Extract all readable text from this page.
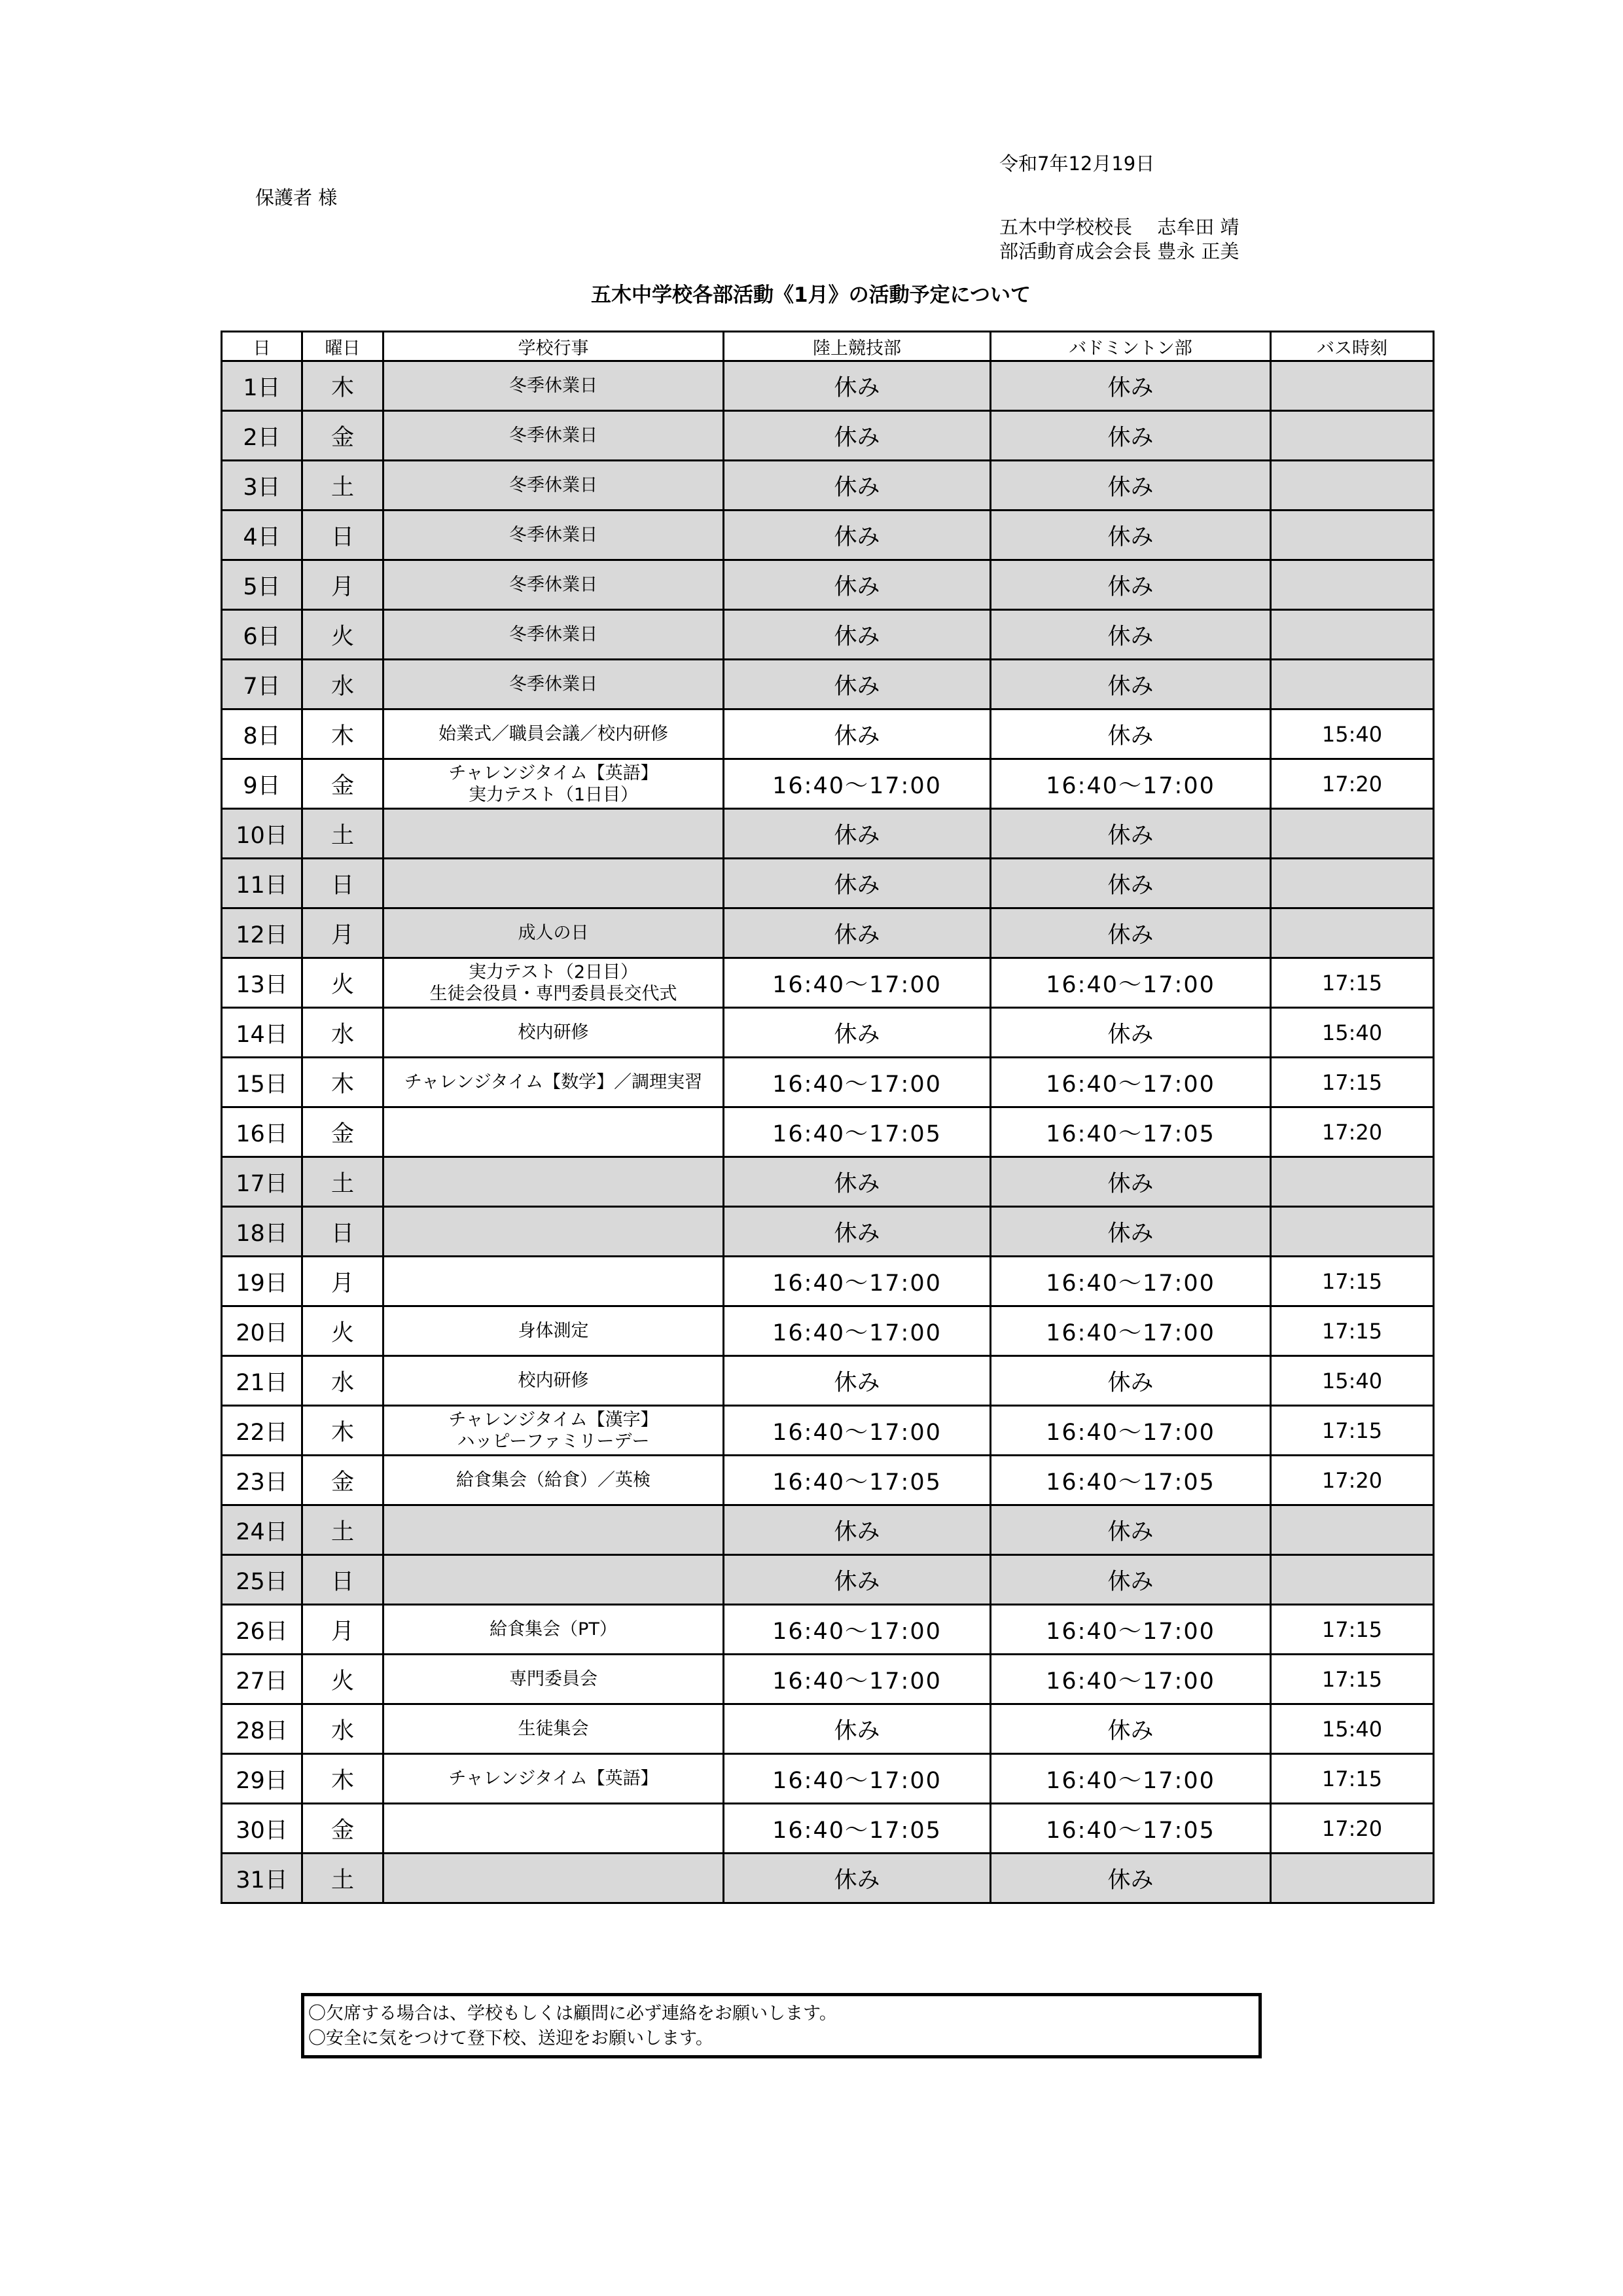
令和7年12月19日
保護者 様
五木中学校校長　 志牟田 靖
部活動育成会会長 豊永 正美
五木中学校各部活動《1月》の活動予定について
日	曜日	学校行事	陸上競技部	バドミントン部	バス時刻
1日	木	冬季休業日	休み	休み	
2日	金	冬季休業日	休み	休み	
3日	土	冬季休業日	休み	休み	
4日	日	冬季休業日	休み	休み	
5日	月	冬季休業日	休み	休み	
6日	火	冬季休業日	休み	休み	
7日	水	冬季休業日	休み	休み	
8日	木	始業式／職員会議／校内研修	休み	休み	15:40
9日	金	チャレンジタイム【英語】
実力テスト（1日目）	16:40〜17:00	16:40〜17:00	17:20
10日	土		休み	休み	
11日	日		休み	休み	
12日	月	成人の日	休み	休み	
13日	火	実力テスト（2日目）
生徒会役員・専門委員長交代式	16:40〜17:00	16:40〜17:00	17:15
14日	水	校内研修	休み	休み	15:40
15日	木	チャレンジタイム【数学】／調理実習	16:40〜17:00	16:40〜17:00	17:15
16日	金		16:40〜17:05	16:40〜17:05	17:20
17日	土		休み	休み	
18日	日		休み	休み	
19日	月		16:40〜17:00	16:40〜17:00	17:15
20日	火	身体測定	16:40〜17:00	16:40〜17:00	17:15
21日	水	校内研修	休み	休み	15:40
22日	木	チャレンジタイム【漢字】
ハッピーファミリーデー	16:40〜17:00	16:40〜17:00	17:15
23日	金	給食集会（給食）／英検	16:40〜17:05	16:40〜17:05	17:20
24日	土		休み	休み	
25日	日		休み	休み	
26日	月	給食集会（PT）	16:40〜17:00	16:40〜17:00	17:15
27日	火	専門委員会	16:40〜17:00	16:40〜17:00	17:15
28日	水	生徒集会	休み	休み	15:40
29日	木	チャレンジタイム【英語】	16:40〜17:00	16:40〜17:00	17:15
30日	金		16:40〜17:05	16:40〜17:05	17:20
31日	土		休み	休み	
〇欠席する場合は、学校もしくは顧問に必ず連絡をお願いします。
〇安全に気をつけて登下校、送迎をお願いします。
